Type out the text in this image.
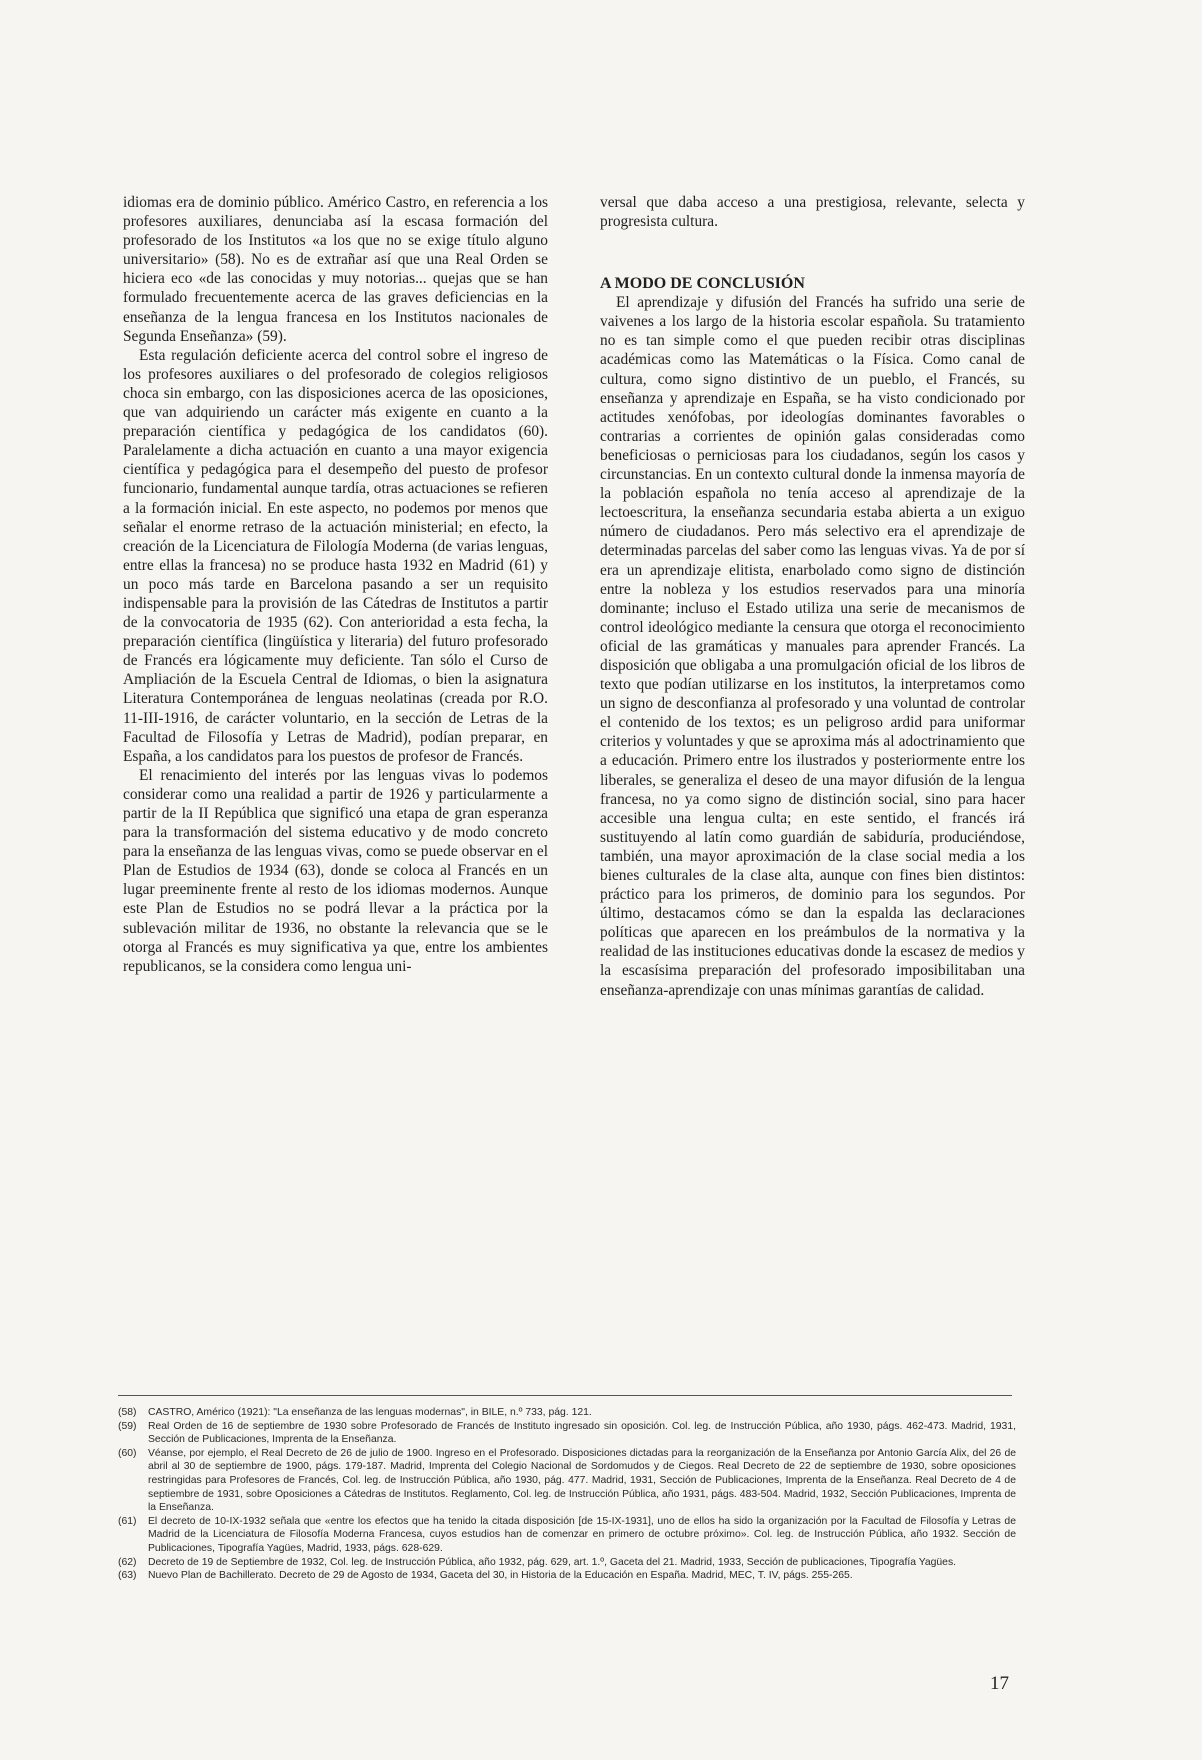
idiomas era de dominio público. Américo Castro, en referencia a los profesores auxiliares, denunciaba así la escasa formación del profesorado de los Institutos «a los que no se exige título alguno universitario» (58). No es de extrañar así que una Real Orden se hiciera eco «de las conocidas y muy notorias... quejas que se han formulado frecuentemente acerca de las graves deficiencias en la enseñanza de la lengua francesa en los Institutos nacionales de Segunda Enseñanza» (59).

Esta regulación deficiente acerca del control sobre el ingreso de los profesores auxiliares o del profesorado de colegios religiosos choca sin embargo, con las disposiciones acerca de las oposiciones, que van adquiriendo un carácter más exigente en cuanto a la preparación científica y pedagógica de los candidatos (60). Paralelamente a dicha actuación en cuanto a una mayor exigencia científica y pedagógica para el desempeño del puesto de profesor funcionario, fundamental aunque tardía, otras actuaciones se refieren a la formación inicial. En este aspecto, no podemos por menos que señalar el enorme retraso de la actuación ministerial; en efecto, la creación de la Licenciatura de Filología Moderna (de varias lenguas, entre ellas la francesa) no se produce hasta 1932 en Madrid (61) y un poco más tarde en Barcelona pasando a ser un requisito indispensable para la provisión de las Cátedras de Institutos a partir de la convocatoria de 1935 (62). Con anterioridad a esta fecha, la preparación científica (lingüística y literaria) del futuro profesorado de Francés era lógicamente muy deficiente. Tan sólo el Curso de Ampliación de la Escuela Central de Idiomas, o bien la asignatura Literatura Contemporánea de lenguas neolatinas (creada por R.O. 11-III-1916, de carácter voluntario, en la sección de Letras de la Facultad de Filosofía y Letras de Madrid), podían preparar, en España, a los candidatos para los puestos de profesor de Francés.

El renacimiento del interés por las lenguas vivas lo podemos considerar como una realidad a partir de 1926 y particularmente a partir de la II República que significó una etapa de gran esperanza para la transformación del sistema educativo y de modo concreto para la enseñanza de las lenguas vivas, como se puede observar en el Plan de Estudios de 1934 (63), donde se coloca al Francés en un lugar preeminente frente al resto de los idiomas modernos. Aunque este Plan de Estudios no se podrá llevar a la práctica por la sublevación militar de 1936, no obstante la relevancia que se le otorga al Francés es muy significativa ya que, entre los ambientes republicanos, se la considera como lengua uni-

versal que daba acceso a una prestigiosa, relevante, selecta y progresista cultura.

A MODO DE CONCLUSIÓN

El aprendizaje y difusión del Francés ha sufrido una serie de vaivenes a los largo de la historia escolar española. Su tratamiento no es tan simple como el que pueden recibir otras disciplinas académicas como las Matemáticas o la Física. Como canal de cultura, como signo distintivo de un pueblo, el Francés, su enseñanza y aprendizaje en España, se ha visto condicionado por actitudes xenófobas, por ideologías dominantes favorables o contrarias a corrientes de opinión galas consideradas como beneficiosas o perniciosas para los ciudadanos, según los casos y circunstancias. En un contexto cultural donde la inmensa mayoría de la población española no tenía acceso al aprendizaje de la lectoescritura, la enseñanza secundaria estaba abierta a un exiguo número de ciudadanos. Pero más selectivo era el aprendizaje de determinadas parcelas del saber como las lenguas vivas. Ya de por sí era un aprendizaje elitista, enarbolado como signo de distinción entre la nobleza y los estudios reservados para una minoría dominante; incluso el Estado utiliza una serie de mecanismos de control ideológico mediante la censura que otorga el reconocimiento oficial de las gramáticas y manuales para aprender Francés. La disposición que obligaba a una promulgación oficial de los libros de texto que podían utilizarse en los institutos, la interpretamos como un signo de desconfianza al profesorado y una voluntad de controlar el contenido de los textos; es un peligroso ardid para uniformar criterios y voluntades y que se aproxima más al adoctrinamiento que a educación. Primero entre los ilustrados y posteriormente entre los liberales, se generaliza el deseo de una mayor difusión de la lengua francesa, no ya como signo de distinción social, sino para hacer accesible una lengua culta; en este sentido, el francés irá sustituyendo al latín como guardián de sabiduría, produciéndose, también, una mayor aproximación de la clase social media a los bienes culturales de la clase alta, aunque con fines bien distintos: práctico para los primeros, de dominio para los segundos. Por último, destacamos cómo se dan la espalda las declaraciones políticas que aparecen en los preámbulos de la normativa y la realidad de las instituciones educativas donde la escasez de medios y la escasísima preparación del profesorado imposibilitaban una enseñanza-aprendizaje con unas mínimas garantías de calidad.

(58)	CASTRO, Américo (1921): "La enseñanza de las lenguas modernas", in BILE, n.º 733, pág. 121.
(59)	Real Orden de 16 de septiembre de 1930 sobre Profesorado de Francés de Instituto ingresado sin oposición. Col. leg. de Instrucción Pública, año 1930, págs. 462-473. Madrid, 1931, Sección de Publicaciones, Imprenta de la Enseñanza.
(60)	Véanse, por ejemplo, el Real Decreto de 26 de julio de 1900. Ingreso en el Profesorado. Disposiciones dictadas para la reorganización de la Enseñanza por Antonio García Alix, del 26 de abril al 30 de septiembre de 1900, págs. 179-187. Madrid, Imprenta del Colegio Nacional de Sordomudos y de Ciegos. Real Decreto de 22 de septiembre de 1930, sobre oposiciones restringidas para Profesores de Francés, Col. leg. de Instrucción Pública, año 1930, pág. 477. Madrid, 1931, Sección de Publicaciones, Imprenta de la Enseñanza. Real Decreto de 4 de septiembre de 1931, sobre Oposiciones a Cátedras de Institutos. Reglamento, Col. leg. de Instrucción Pública, año 1931, págs. 483-504. Madrid, 1932, Sección Publicaciones, Imprenta de la Enseñanza.
(61)	El decreto de 10-IX-1932 señala que «entre los efectos que ha tenido la citada disposición [de 15-IX-1931], uno de ellos ha sido la organización por la Facultad de Filosofía y Letras de Madrid de la Licenciatura de Filosofía Moderna Francesa, cuyos estudios han de comenzar en primero de octubre próximo». Col. leg. de Instrucción Pública, año 1932. Sección de Publicaciones, Tipografía Yagües, Madrid, 1933, págs. 628-629.
(62)	Decreto de 19 de Septiembre de 1932, Col. leg. de Instrucción Pública, año 1932, pág. 629, art. 1.º, Gaceta del 21. Madrid, 1933, Sección de publicaciones, Tipografía Yagües.
(63)	Nuevo Plan de Bachillerato. Decreto de 29 de Agosto de 1934, Gaceta del 30, in Historia de la Educación en España. Madrid, MEC, T. IV, págs. 255-265.
17
